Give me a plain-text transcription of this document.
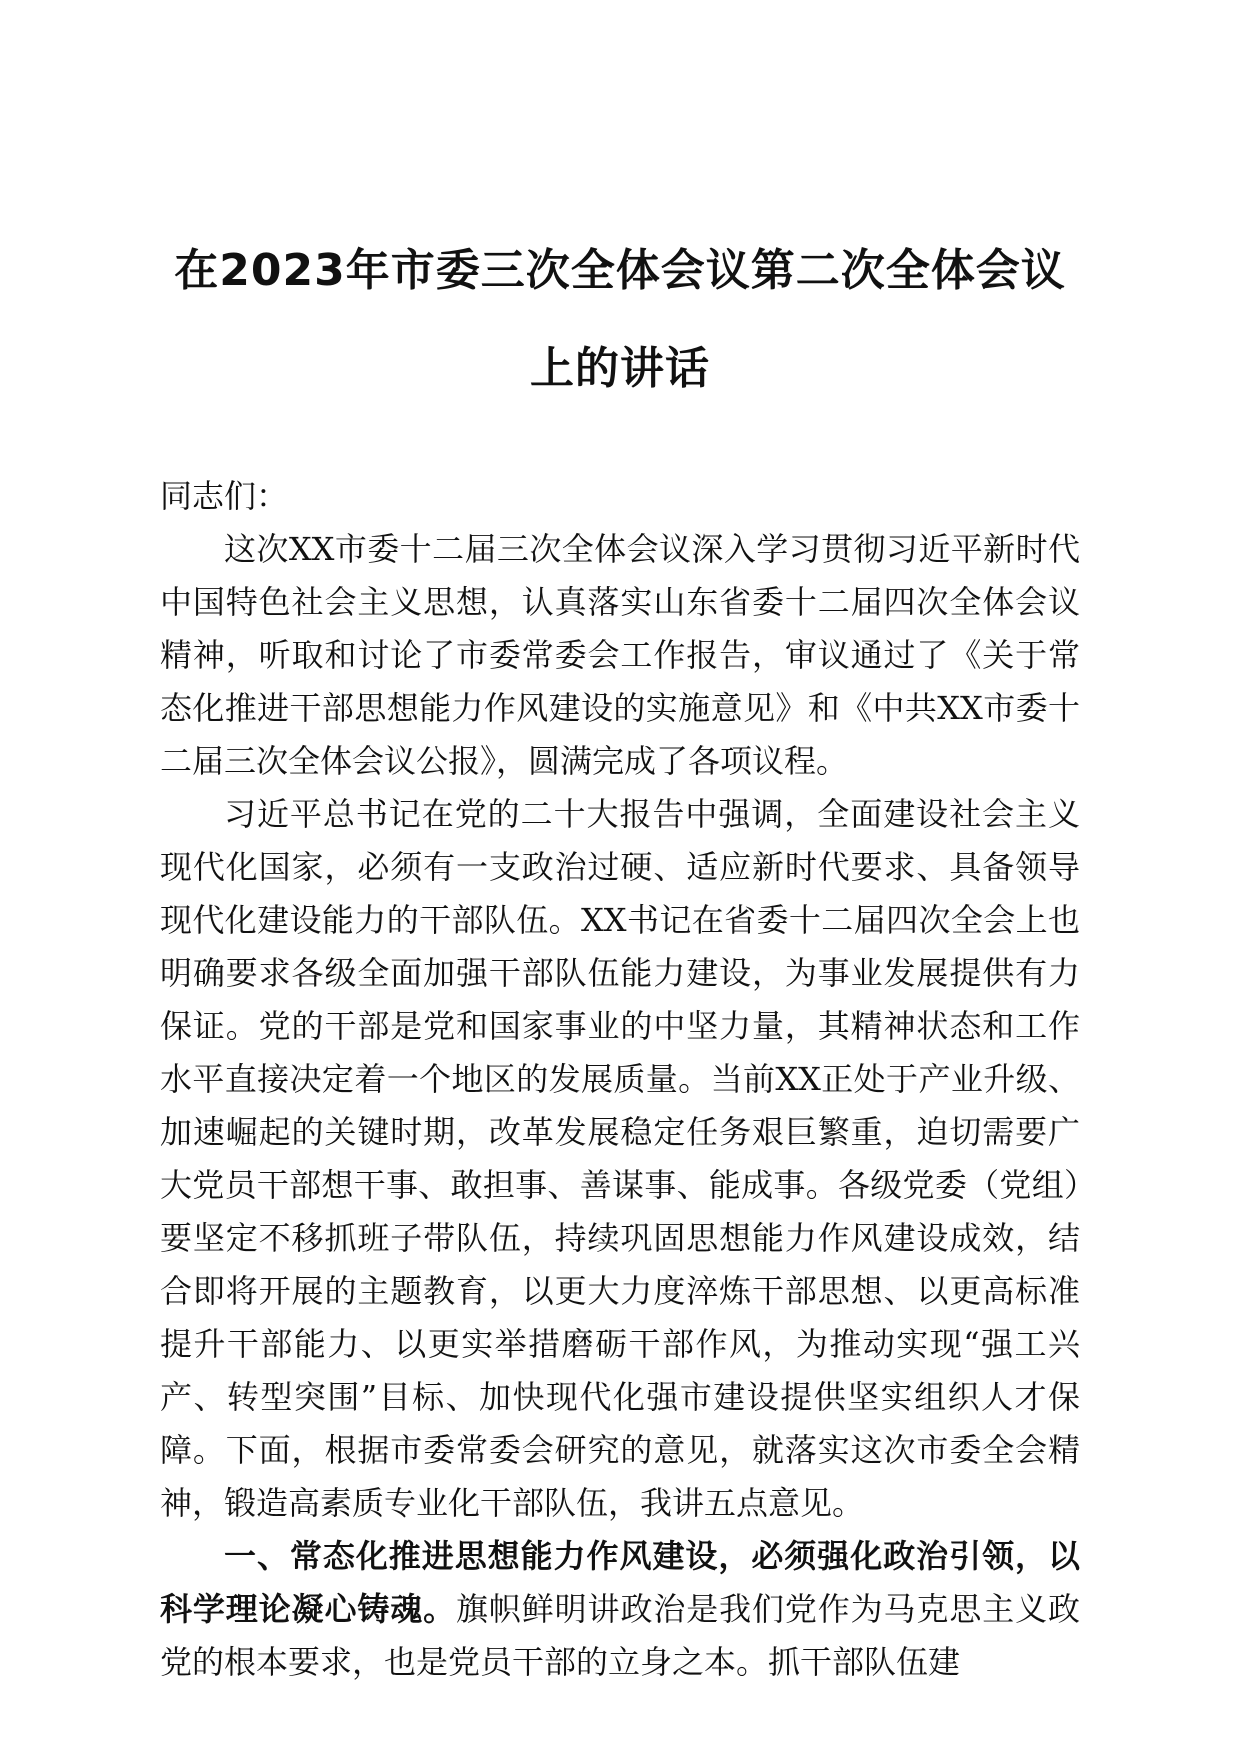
在2023年市委三次全体会议第二次全体会议
上的讲话

同志们：

这次XX市委十二届三次全体会议深入学习贯彻习近平新时代中国特色社会主义思想，认真落实山东省委十二届四次全体会议精神，听取和讨论了市委常委会工作报告，审议通过了《关于常态化推进干部思想能力作风建设的实施意见》和《中共XX市委十二届三次全体会议公报》，圆满完成了各项议程。

习近平总书记在党的二十大报告中强调，全面建设社会主义现代化国家，必须有一支政治过硬、适应新时代要求、具备领导现代化建设能力的干部队伍。XX书记在省委十二届四次全会上也明确要求各级全面加强干部队伍能力建设，为事业发展提供有力保证。党的干部是党和国家事业的中坚力量，其精神状态和工作水平直接决定着一个地区的发展质量。当前XX正处于产业升级、加速崛起的关键时期，改革发展稳定任务艰巨繁重，迫切需要广大党员干部想干事、敢担事、善谋事、能成事。各级党委（党组）要坚定不移抓班子带队伍，持续巩固思想能力作风建设成效，结合即将开展的主题教育，以更大力度淬炼干部思想、以更高标准提升干部能力、以更实举措磨砺干部作风，为推动实现“强工兴产、转型突围”目标、加快现代化强市建设提供坚实组织人才保障。下面，根据市委常委会研究的意见，就落实这次市委全会精神，锻造高素质专业化干部队伍，我讲五点意见。

一、常态化推进思想能力作风建设，必须强化政治引领，以科学理论凝心铸魂。旗帜鲜明讲政治是我们党作为马克思主义政党的根本要求，也是党员干部的立身之本。抓干部队伍建
